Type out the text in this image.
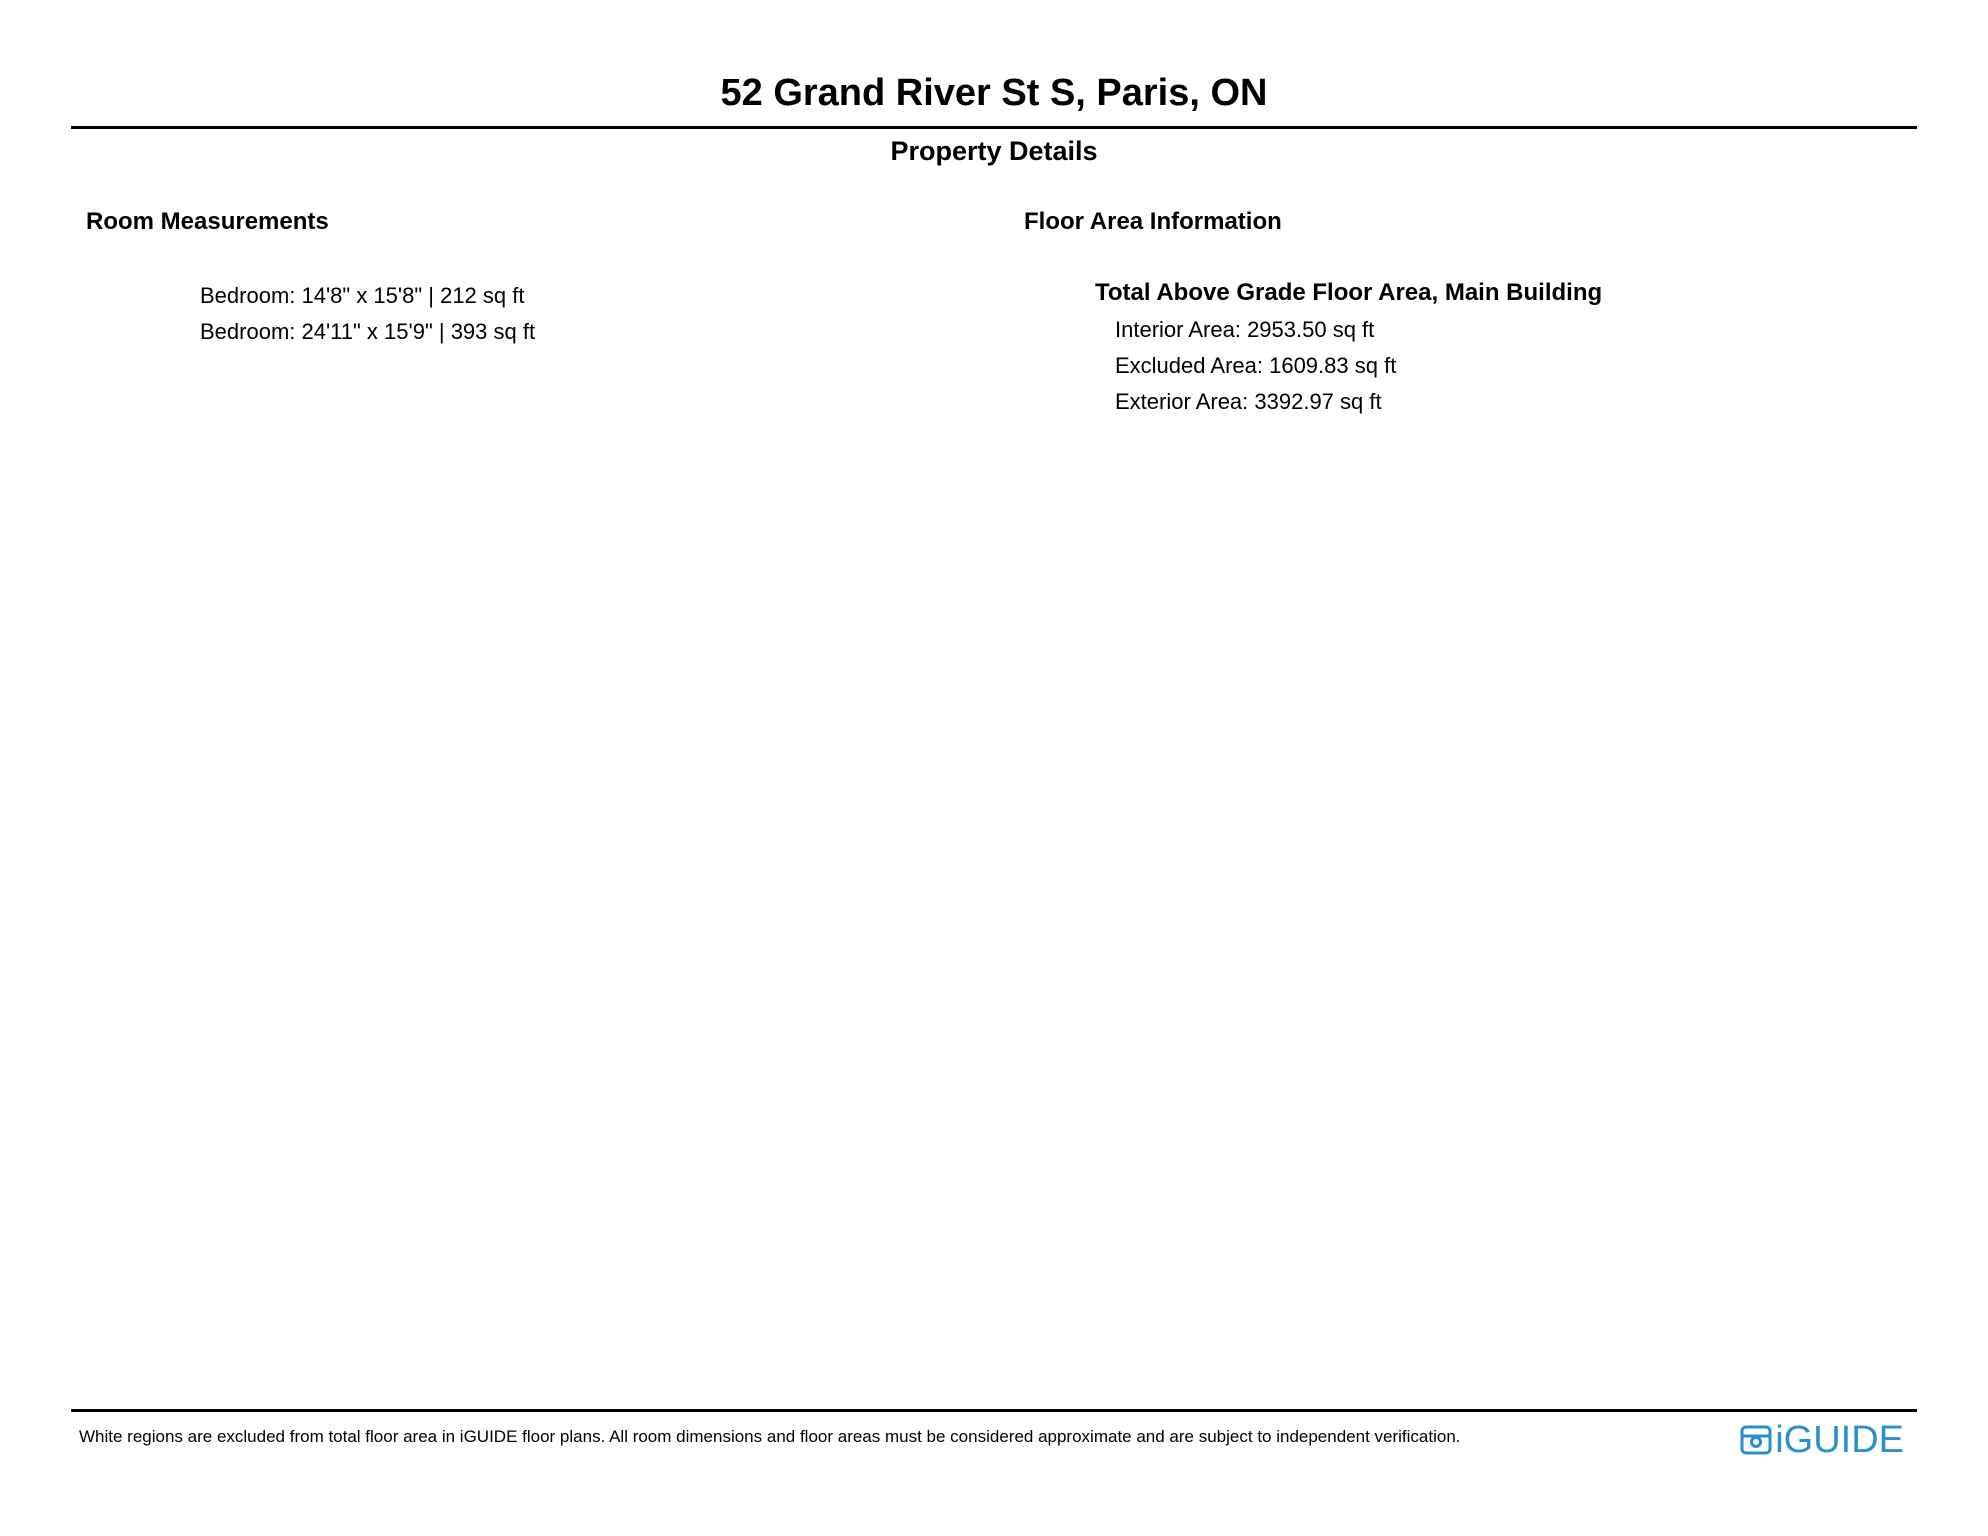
52 Grand River St S, Paris, ON
Property Details
Room Measurements
Bedroom: 14'8" x 15'8" | 212 sq ft
Bedroom: 24'11" x 15'9" | 393 sq ft
Floor Area Information
Total Above Grade Floor Area, Main Building
Interior Area: 2953.50 sq ft
Excluded Area: 1609.83 sq ft
Exterior Area: 3392.97 sq ft
White regions are excluded from total floor area in iGUIDE floor plans. All room dimensions and floor areas must be considered approximate and are subject to independent verification.	iGUIDE
